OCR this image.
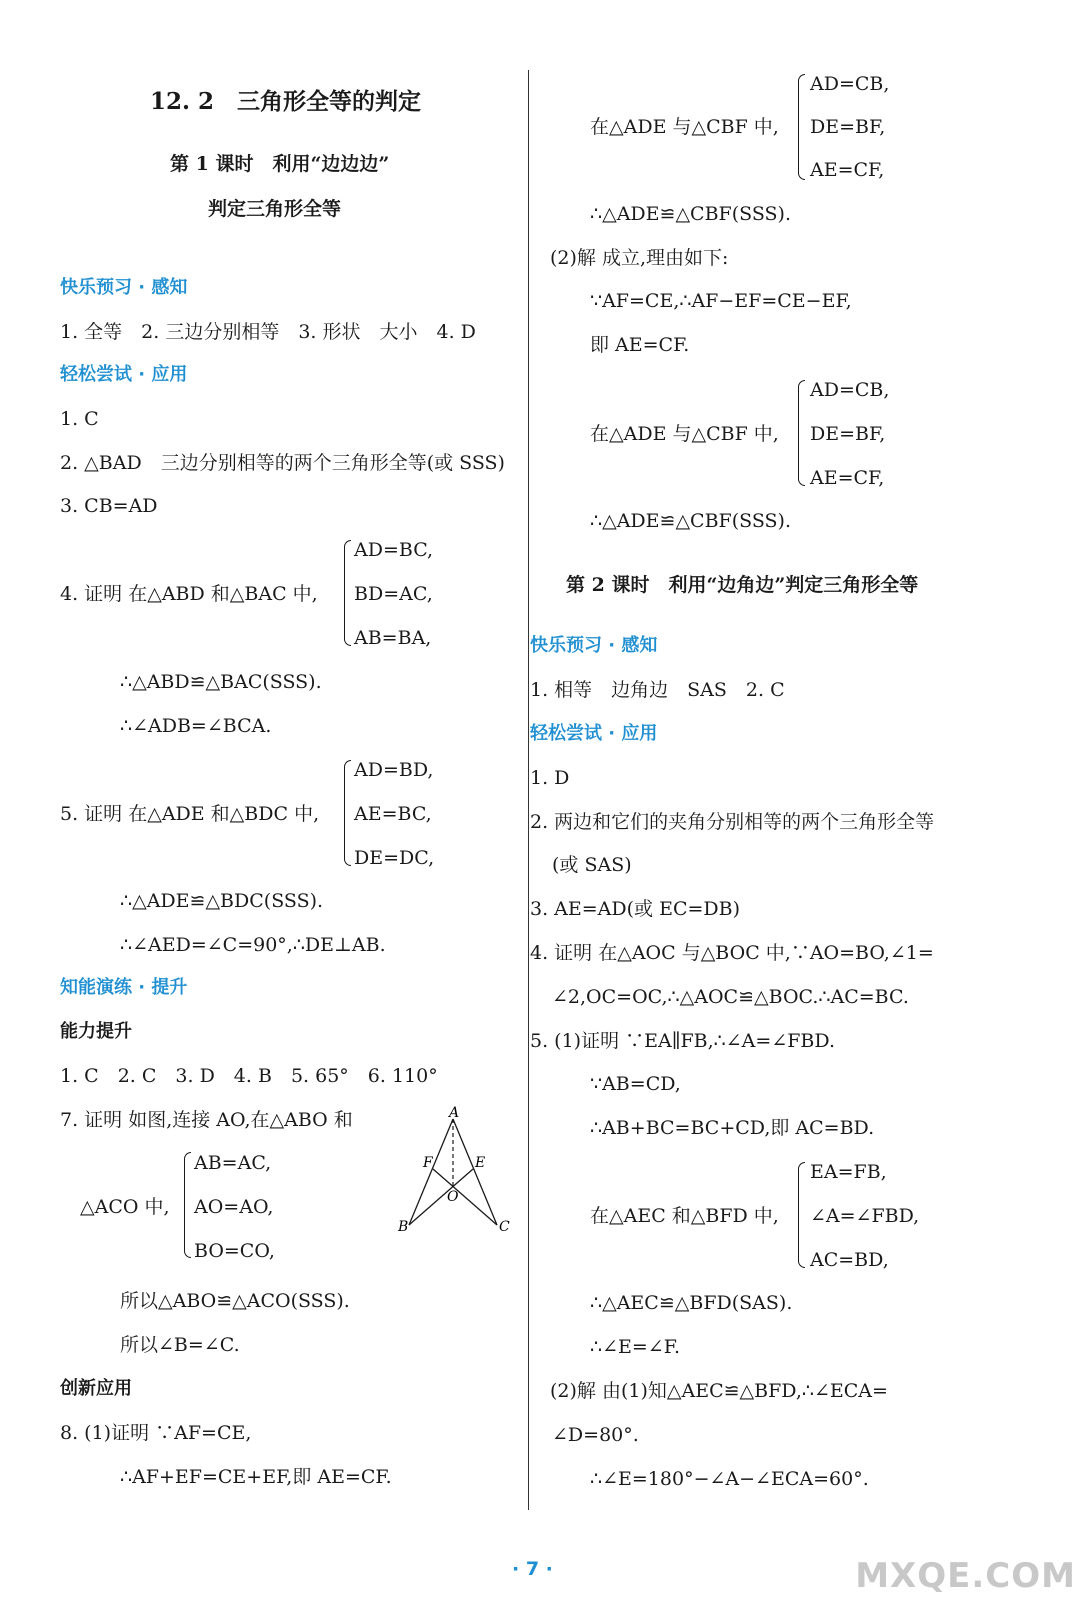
12. 2　三角形全等的判定
第 1 课时　利用“边边边”
判定三角形全等
快乐预习 · 感知
1. 全等　2. 三边分别相等　3. 形状　大小　4. D
轻松尝试 · 应用
1. C
2. △BAD　三边分别相等的两个三角形全等(或 SSS)
3. CB=AD
4. 证明 在△ABD 和△BAC 中,
AD=BC,
BD=AC,
AB=BA,
∴△ABD≌△BAC(SSS).
∴∠ADB=∠BCA.
5. 证明 在△ADE 和△BDC 中,
AD=BD,
AE=BC,
DE=DC,
∴△ADE≌△BDC(SSS).
∴∠AED=∠C=90°,∴DE⊥AB.
知能演练 · 提升
能力提升
1. C　2. C　3. D　4. B　5. 65°　6. 110°
7. 证明 如图,连接 AO,在△ABO 和
△ACO 中,
AB=AC,
AO=AO,
BO=CO,
所以△ABO≌△ACO(SSS).
所以∠B=∠C.
A
B	C
E
F
O
创新应用
8. (1)证明 ∵AF=CE,
∴AF+EF=CE+EF,即 AE=CF.
在△ADE 与△CBF 中,
AD=CB,
DE=BF,
AE=CF,
∴△ADE≌△CBF(SSS).
(2)解 成立,理由如下:
∵AF=CE,∴AF−EF=CE−EF,
即 AE=CF.
在△ADE 与△CBF 中,
AD=CB,
DE=BF,
AE=CF,
∴△ADE≌△CBF(SSS).
第 2 课时　利用“边角边”判定三角形全等
快乐预习 · 感知
1. 相等　边角边　SAS　2. C
轻松尝试 · 应用
1. D
2. 两边和它们的夹角分别相等的两个三角形全等
(或 SAS)
3. AE=AD(或 EC=DB)
4. 证明 在△AOC 与△BOC 中,∵AO=BO,∠1=
∠2,OC=OC,∴△AOC≌△BOC.∴AC=BC.
5. (1)证明 ∵EA∥FB,∴∠A=∠FBD.
∵AB=CD,
∴AB+BC=BC+CD,即 AC=BD.
在△AEC 和△BFD 中,
EA=FB,
∠A=∠FBD,
AC=BD,
∴△AEC≌△BFD(SAS).
∴∠E=∠F.
(2)解 由(1)知△AEC≌△BFD,∴∠ECA=
∠D=80°.
∴∠E=180°−∠A−∠ECA=60°.
· 7 ·	MXQE.COM
